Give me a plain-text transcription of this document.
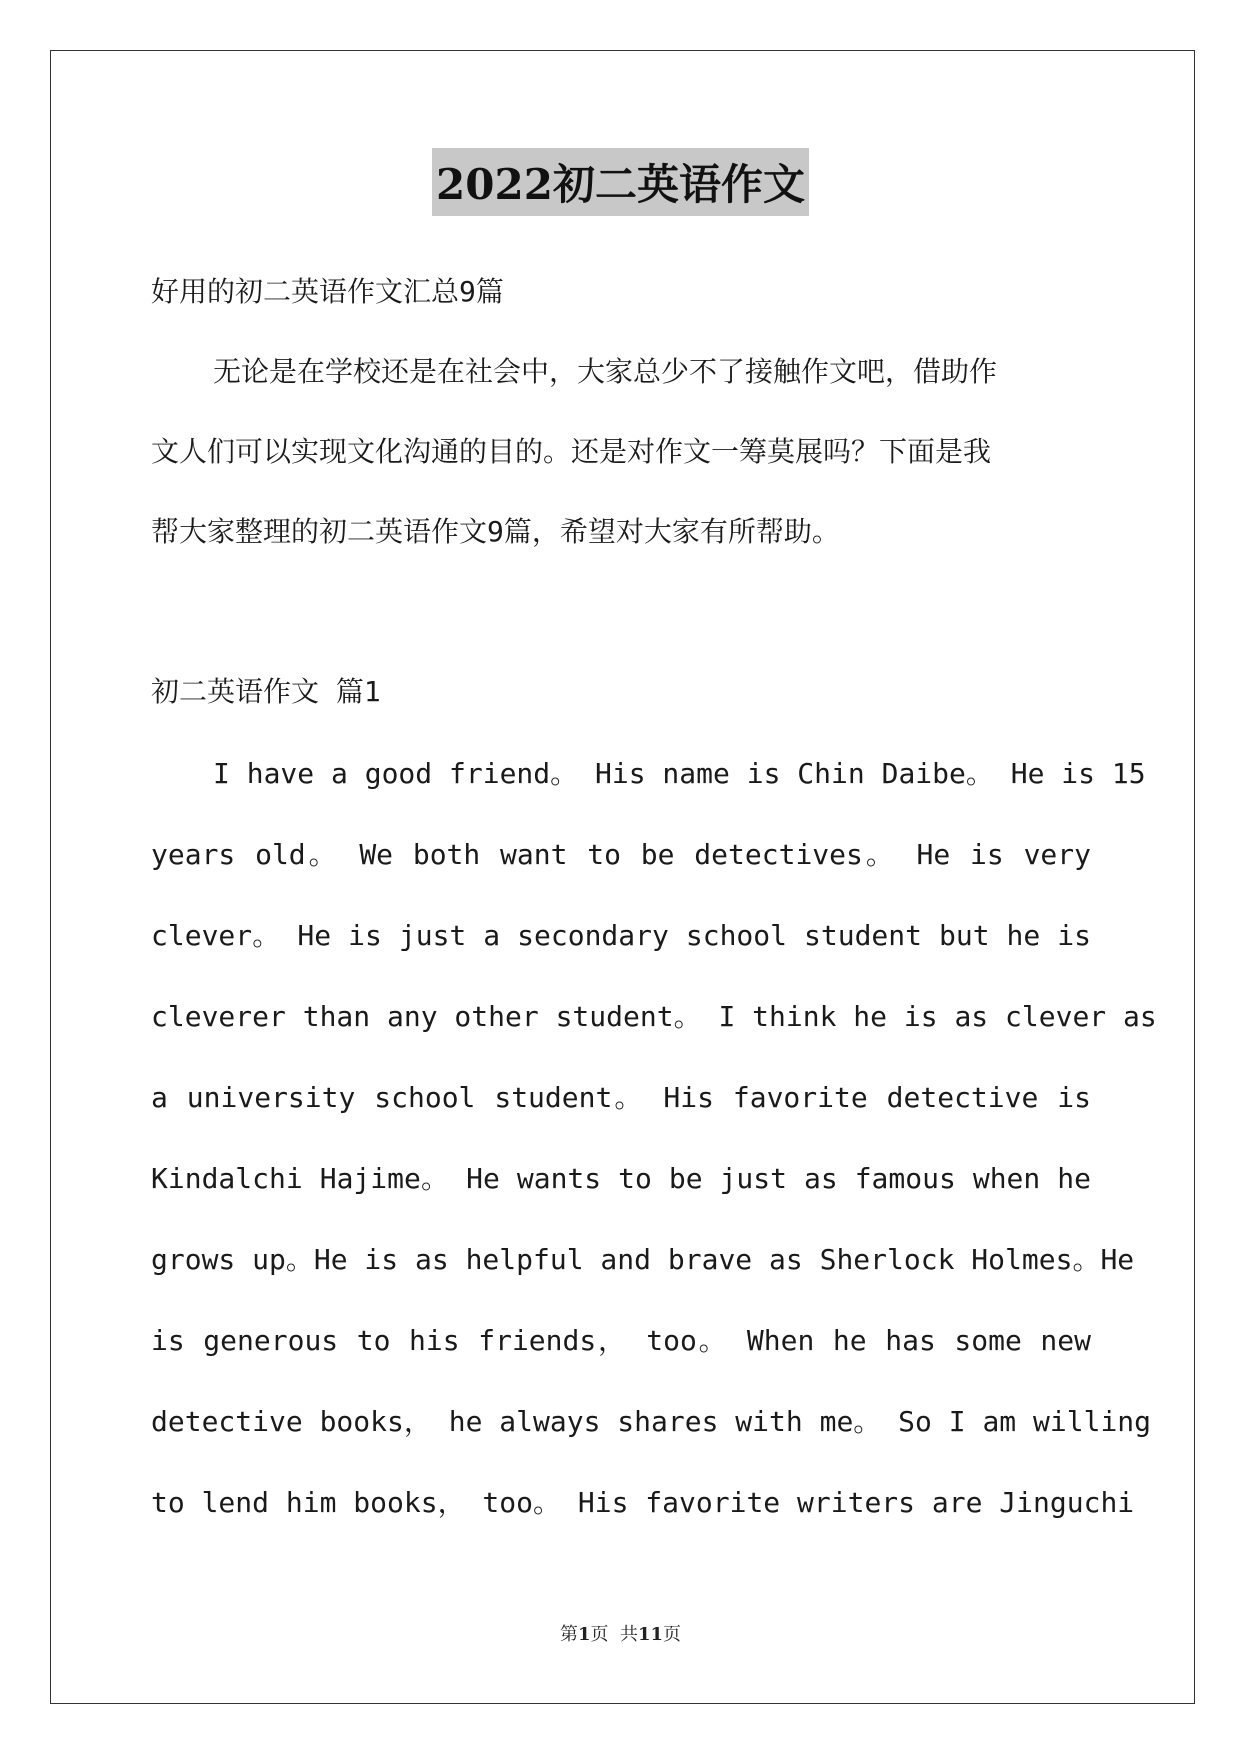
2022初二英语作文
好用的初二英语作文汇总9篇
无论是在学校还是在社会中，大家总少不了接触作文吧，借助作
文人们可以实现文化沟通的目的。还是对作文一筹莫展吗？下面是我
帮大家整理的初二英语作文9篇，希望对大家有所帮助。
初二英语作文 篇1
I have a good friend。 His name is Chin Daibe。 He is 15
years old。 We both want to be detectives。 He is very
clever。 He is just a secondary school student but he is
cleverer than any other student。 I think he is as clever as
a university school student。 His favorite detective is
Kindalchi Hajime。 He wants to be just as famous when he
grows up。He is as helpful and brave as Sherlock Holmes。He
is generous to his friends， too。 When he has some new
detective books， he always shares with me。 So I am willing
to lend him books， too。 His favorite writers are Jinguchi
第1页  共11页
